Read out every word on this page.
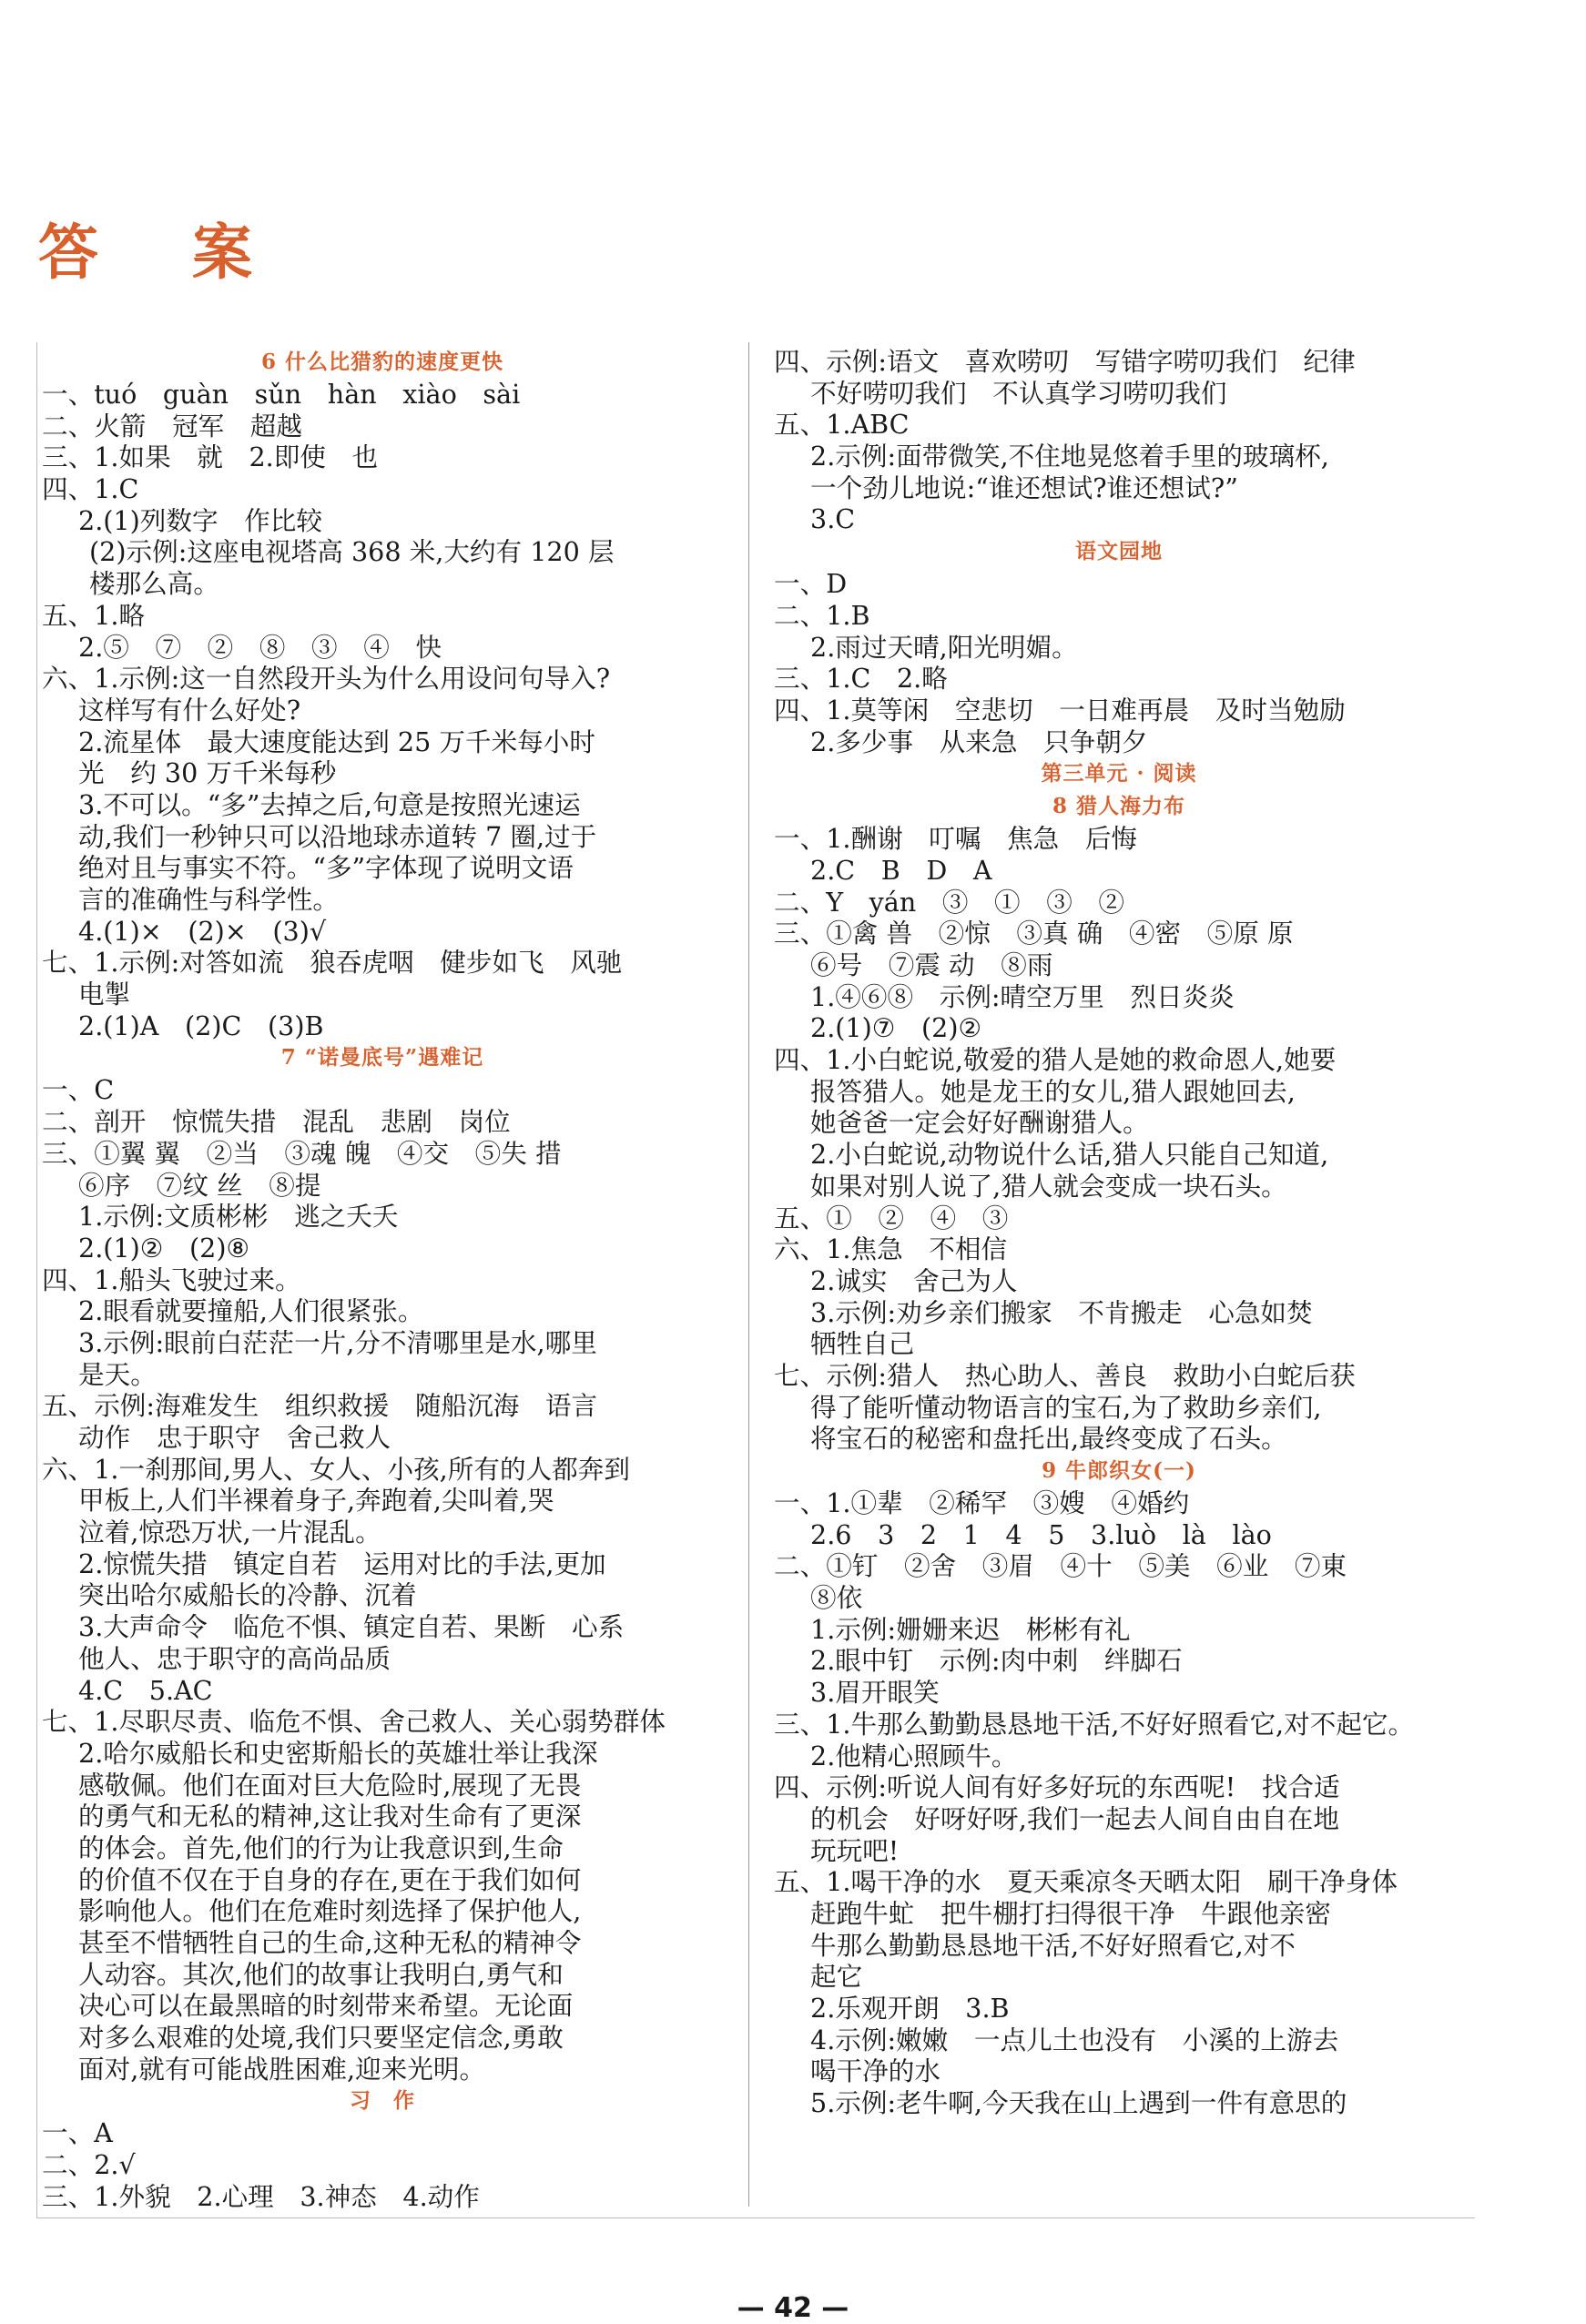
答 案
6 什么比猎豹的速度更快
一、tuó　guàn　sǔn　hàn　xiào　sài
二、火箭　冠军　超越
三、1.如果　就　2.即使　也
四、1.C
2.(1)列数字　作比较
(2)示例:这座电视塔高 368 米,大约有 120 层
楼那么高。
五、1.略
2.⑤　⑦　②　⑧　③　④　快
六、1.示例:这一自然段开头为什么用设问句导入?
这样写有什么好处?
2.流星体　最大速度能达到 25 万千米每小时
光　约 30 万千米每秒
3.不可以。“多”去掉之后,句意是按照光速运
动,我们一秒钟只可以沿地球赤道转 7 圈,过于
绝对且与事实不符。“多”字体现了说明文语
言的准确性与科学性。
4.(1)×　(2)×　(3)√
七、1.示例:对答如流　狼吞虎咽　健步如飞　风驰
电掣
2.(1)A　(2)C　(3)B
7 “诺曼底号”遇难记
一、C
二、剖开　惊慌失措　混乱　悲剧　岗位
三、①翼 翼　②当　③魂 魄　④交　⑤失 措
⑥序　⑦纹 丝　⑧提
1.示例:文质彬彬　逃之夭夭
2.(1)②　(2)⑧
四、1.船头飞驶过来。
2.眼看就要撞船,人们很紧张。
3.示例:眼前白茫茫一片,分不清哪里是水,哪里
是天。
五、示例:海难发生　组织救援　随船沉海　语言
动作　忠于职守　舍己救人
六、1.一刹那间,男人、女人、小孩,所有的人都奔到
甲板上,人们半裸着身子,奔跑着,尖叫着,哭
泣着,惊恐万状,一片混乱。
2.惊慌失措　镇定自若　运用对比的手法,更加
突出哈尔威船长的冷静、沉着
3.大声命令　临危不惧、镇定自若、果断　心系
他人、忠于职守的高尚品质
4.C　5.AC
七、1.尽职尽责、临危不惧、舍己救人、关心弱势群体
2.哈尔威船长和史密斯船长的英雄壮举让我深
感敬佩。他们在面对巨大危险时,展现了无畏
的勇气和无私的精神,这让我对生命有了更深
的体会。首先,他们的行为让我意识到,生命
的价值不仅在于自身的存在,更在于我们如何
影响他人。他们在危难时刻选择了保护他人,
甚至不惜牺牲自己的生命,这种无私的精神令
人动容。其次,他们的故事让我明白,勇气和
决心可以在最黑暗的时刻带来希望。无论面
对多么艰难的处境,我们只要坚定信念,勇敢
面对,就有可能战胜困难,迎来光明。
习　作
一、A
二、2.√
三、1.外貌　2.心理　3.神态　4.动作
四、示例:语文　喜欢唠叨　写错字唠叨我们　纪律
不好唠叨我们　不认真学习唠叨我们
五、1.ABC
2.示例:面带微笑,不住地晃悠着手里的玻璃杯,
一个劲儿地说:“谁还想试?谁还想试?”
3.C
语文园地
一、D
二、1.B
2.雨过天晴,阳光明媚。
三、1.C　2.略
四、1.莫等闲　空悲切　一日难再晨　及时当勉励
2.多少事　从来急　只争朝夕
第三单元 · 阅读
8 猎人海力布
一、1.酬谢　叮嘱　焦急　后悔
2.C　B　D　A
二、Y　yán　③　①　③　②
三、①禽 兽　②惊　③真 确　④密　⑤原 原
⑥号　⑦震 动　⑧雨
1.④⑥⑧　示例:晴空万里　烈日炎炎
2.(1)⑦　(2)②
四、1.小白蛇说,敬爱的猎人是她的救命恩人,她要
报答猎人。她是龙王的女儿,猎人跟她回去,
她爸爸一定会好好酬谢猎人。
2.小白蛇说,动物说什么话,猎人只能自己知道,
如果对别人说了,猎人就会变成一块石头。
五、①　②　④　③
六、1.焦急　不相信
2.诚实　舍己为人
3.示例:劝乡亲们搬家　不肯搬走　心急如焚
牺牲自己
七、示例:猎人　热心助人、善良　救助小白蛇后获
得了能听懂动物语言的宝石,为了救助乡亲们,
将宝石的秘密和盘托出,最终变成了石头。
9 牛郎织女(一)
一、1.①辈　②稀罕　③嫂　④婚约
2.6　3　2　1　4　5　3.luò　là　lào
二、①钉　②舍　③眉　④十　⑤美　⑥业　⑦東
⑧依
1.示例:姗姗来迟　彬彬有礼
2.眼中钉　示例:肉中刺　绊脚石
3.眉开眼笑
三、1.牛那么勤勤恳恳地干活,不好好照看它,对不起它。
2.他精心照顾牛。
四、示例:听说人间有好多好玩的东西呢!　找合适
的机会　好呀好呀,我们一起去人间自由自在地
玩玩吧!
五、1.喝干净的水　夏天乘凉冬天晒太阳　刷干净身体
赶跑牛虻　把牛棚打扫得很干净　牛跟他亲密
牛那么勤勤恳恳地干活,不好好照看它,对不
起它
2.乐观开朗　3.B
4.示例:嫩嫩　一点儿土也没有　小溪的上游去
喝干净的水
5.示例:老牛啊,今天我在山上遇到一件有意思的
— 42 —
